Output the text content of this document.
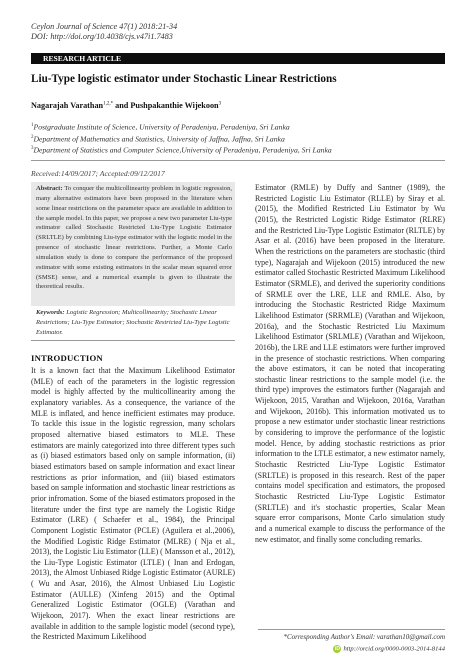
Ceylon Journal of Science 47(1) 2018:21-34
DOI: http://doi.org/10.4038/cjs.v47i1.7483
RESEARCH ARTICLE
Liu-Type logistic estimator under Stochastic Linear Restrictions
Nagarajah Varathan$^{1,2,*}$ and Pushpakanthie Wijekoon$^3$
$^1$Postgraduate Institute of Science, University of Peradeniya, Peradeniya, Sri Lanka
$^2$Department of Mathematics and Statistics, University of Jaffna, Jaffna, Sri Lanka
$^3$Department of Statistics and Computer Science,University of Peradeniya, Peradeniya, Sri Lanka
Received:14/09/2017; Accepted:09/12/2017
Abstract: To conquer the multicollinearity problem in logistic regression, many alternative estimators have been proposed in the literature when some linear restrictions on the parameter space are available in addition to the sample model. In this paper, we propose a new two parameter Liu-type estimator called Stochastic Restricted Liu-Type Logistic Estimator (SRLTLE) by combining Liu-type estimator with the logistic model in the presence of stochastic linear restrictions. Further, a Monte Carlo simulation study is done to compare the performance of the proposed estimator with some existing estimators in the scalar mean squared error (SMSE) sense, and a numerical example is given to illustrate the theoretical results.
Keywords: Logistic Regression; Multicollinearity; Stochastic Linear Restrictions; Liu-Type Estimator; Stochastic Restricted Liu-Type Logistic Estimator.
INTRODUCTION

It is a known fact that the Maximum Likelihood Estimator (MLE) of each of the parameters in the logistic regression model is highly affected by the multicollinearity among the explanatory variables. As a consequence, the variance of the MLE is inflated, and hence inefficient estimates may produce. To tackle this issue in the logistic regression, many scholars proposed alternative biased estimators to MLE. These estimators are mainly categorized into three different types such as (i) biased estimators based only on sample information, (ii) biased estimators based on sample information and exact linear restrictions as prior information, and (iii) biased estimators based on sample information and stochastic linear restrictions as prior infromation. Some of the biased estimators proposed in the literature under the first type are namely the Logistic Ridge Estimator (LRE) ( Schaefer et al., 1984), the Principal Component Logistic Estimator (PCLE) (Aguilera et al.,2006), the Modified Logistic Ridge Estimator (MLRE) ( Nja et al., 2013), the Logistic Liu Estimator (LLE) ( Mansson et al., 2012), the Liu-Type Logistic Estimator (LTLE) ( Inan and Erdogan, 2013), the Almost Unbiased Ridge Logistic Estimator (AURLE) ( Wu and Asar, 2016), the Almost Unbiased Liu Logistic Estimator (AULLE) (Xinfeng 2015) and the Optimal Generalized Logistic Estimator (OGLE) (Varathan and Wijekoon, 2017). When the exact linear restrictions are available in addition to the sample logistic model (second type), the Restricted Maximum Likelihood

Estimator (RMLE) by Duffy and Santner (1989), the Restricted Logistic Liu Estimator (RLLE) by Siray et al. (2015), the Modified Restricted Liu Estimator by Wu (2015), the Restricted Logistic Ridge Estimator (RLRE) and the Restricted Liu-Type Logistic Estimator (RLTLE) by Asar et al. (2016) have been proposed in the literature. When the restrictions on the parameters are stochastic (third type), Nagarajah and Wijekoon (2015) introduced the new estimator called Stochastic Restricted Maximum Likelihood Estimator (SRMLE), and derived the superiority conditions of SRMLE over the LRE, LLE and RMLE. Also, by introducing the Stochastic Restricted Ridge Maximum Likelihood Estimator (SRRMLE) (Varathan and Wijekoon, 2016a), and the Stochastic Restricted Liu Maximum Likelihood Estimator (SRLMLE) (Varathan and Wijekoon, 2016b), the LRE and LLE estimators were further improved in the presence of stochastic restrictions. When comparing the above estimators, it can be noted that incoperating stochastic linear restrictions to the sample model (i.e. the third type) improves the estimators further (Nagarajah and Wijekoon, 2015, Varathan and Wijekoon, 2016a, Varathan and Wijekoon, 2016b). This information motivated us to propose a new estimator under stochastic linear restrictions by considering to improve the performance of the logistic model. Hence, by adding stochastic restrictions as prior information to the LTLE estimator, a new estimator namely, Stochastic Restricted Liu-Type Logistic Estimator (SRLTLE) is proposed in this research. Rest of the paper contains model specification and estimators, the proposed Stochastic Restricted Liu-Type Logistic Estimator (SRLTLE) and it's stochastic properties, Scalar Mean square error comparisons, Monte Carlo simulation study and a numerical example to discuss the performance of the new estimator, and finally some concluding remarks.

*Corresponding Author's Email: varathan10@gmail.com
iD http://orcid.org/0000-0003-2014-8144
